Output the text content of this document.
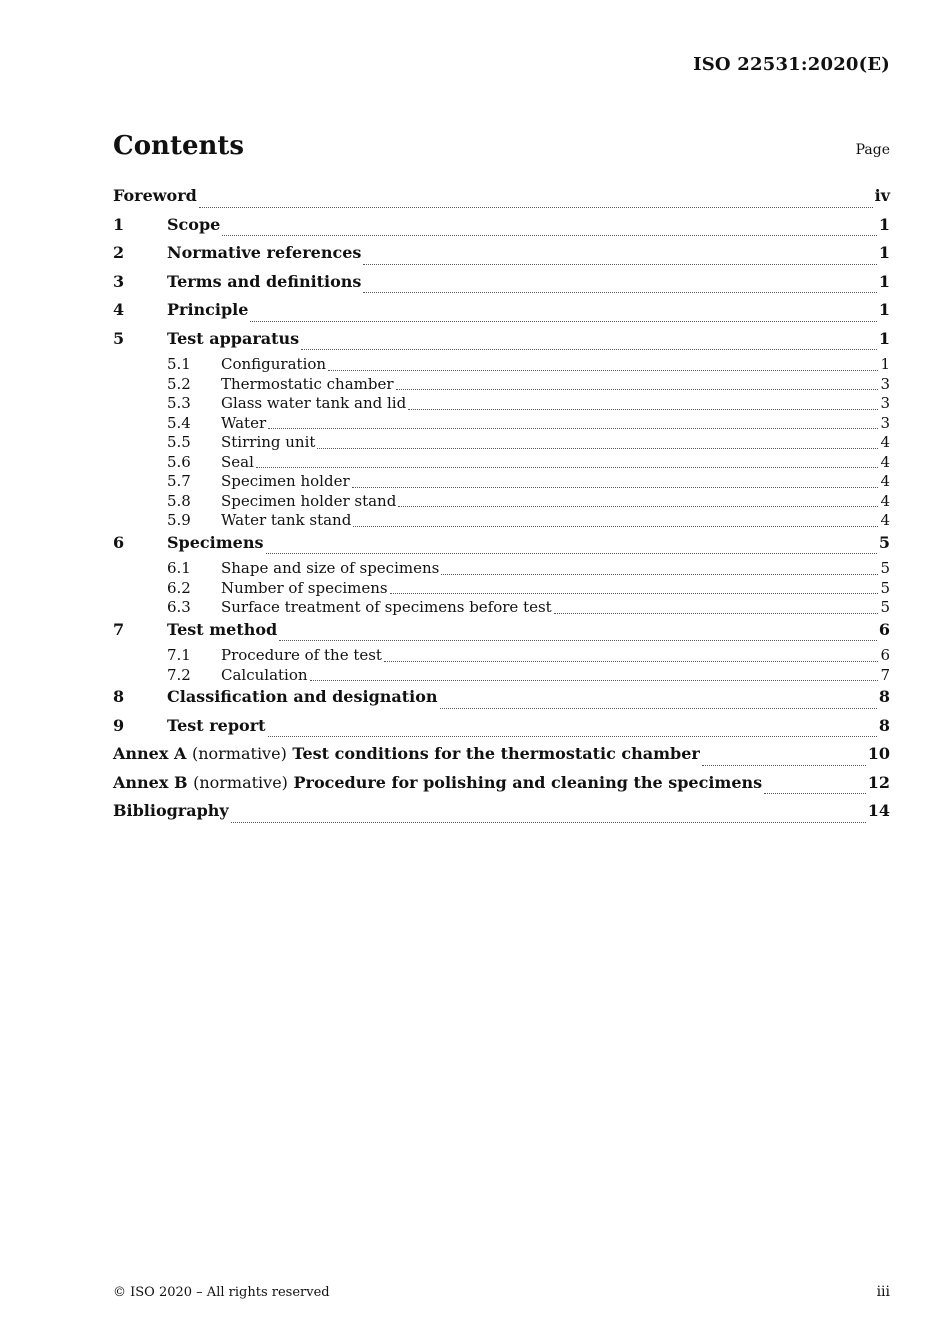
ISO 22531:2020(E)
Contents	Page
Foreword	iv
1	Scope	1
2	Normative references	1
3	Terms and definitions	1
4	Principle	1
5	Test apparatus	1
5.1	Configuration	1
5.2	Thermostatic chamber	3
5.3	Glass water tank and lid	3
5.4	Water	3
5.5	Stirring unit	4
5.6	Seal	4
5.7	Specimen holder	4
5.8	Specimen holder stand	4
5.9	Water tank stand	4
6	Specimens	5
6.1	Shape and size of specimens	5
6.2	Number of specimens	5
6.3	Surface treatment of specimens before test	5
7	Test method	6
7.1	Procedure of the test	6
7.2	Calculation	7
8	Classification and designation	8
9	Test report	8
Annex A (normative) Test conditions for the thermostatic chamber	10
Annex B (normative) Procedure for polishing and cleaning the specimens	12
Bibliography	14
© ISO 2020 – All rights reserved	iii
